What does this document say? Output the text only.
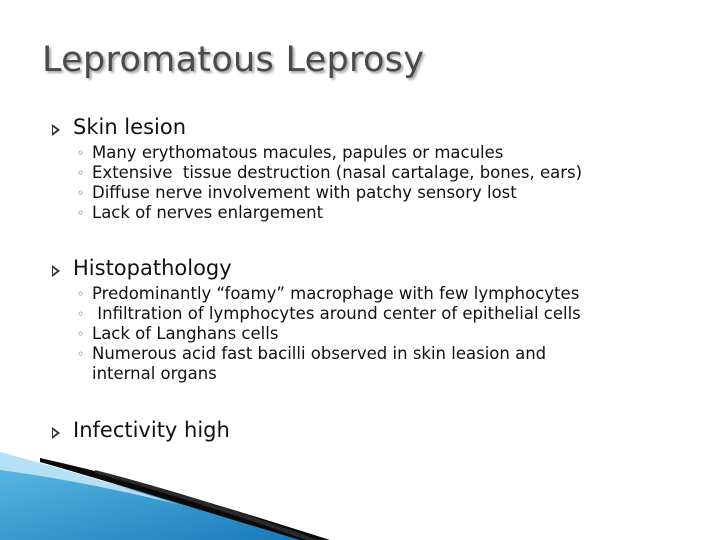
Lepromatous Leprosy
Skin lesion
◦ Many erythomatous macules, papules or macules
◦ Extensive  tissue destruction (nasal cartalage, bones, ears)
◦ Diffuse nerve involvement with patchy sensory lost
◦ Lack of nerves enlargement
Histopathology
◦ Predominantly “foamy” macrophage with few lymphocytes
◦ Infiltration of lymphocytes around center of epithelial cells
◦ Lack of Langhans cells
◦ Numerous acid fast bacilli observed in skin leasion and
internal organs
Infectivity high
